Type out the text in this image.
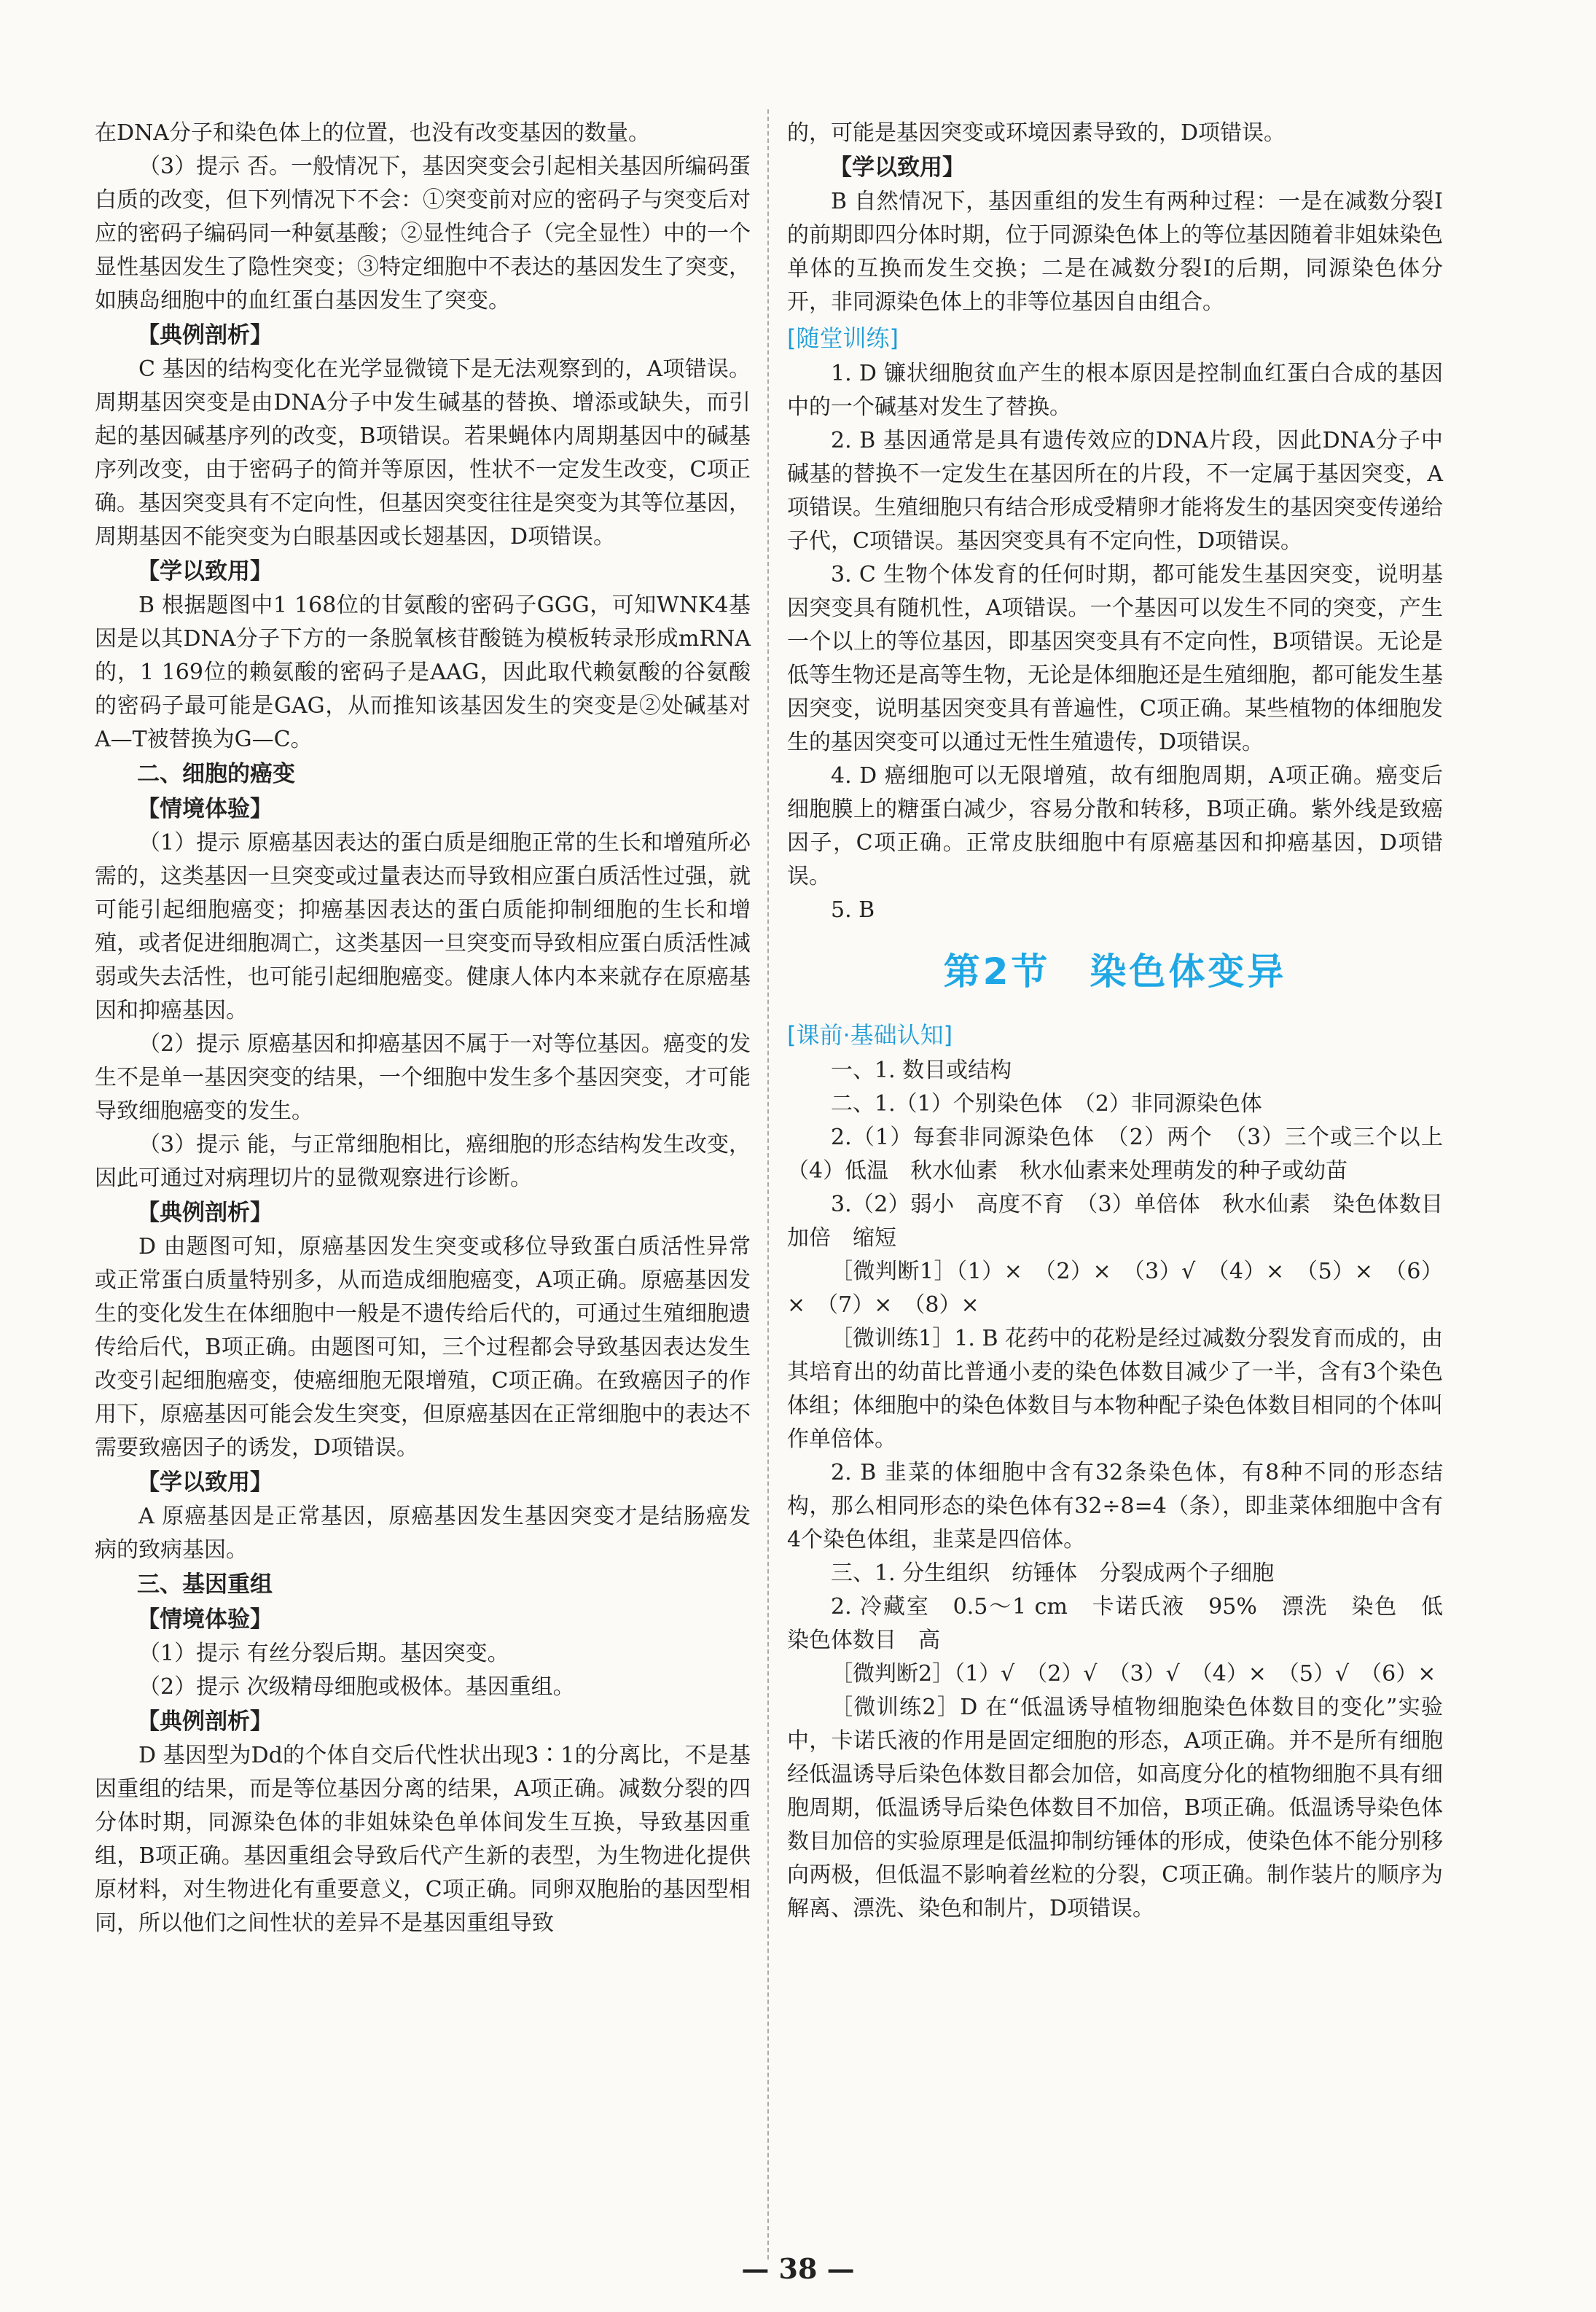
在DNA分子和染色体上的位置，也没有改变基因的数量。

（3）提示 否。一般情况下，基因突变会引起相关基因所编码蛋白质的改变，但下列情况下不会：①突变前对应的密码子与突变后对应的密码子编码同一种氨基酸；②显性纯合子（完全显性）中的一个显性基因发生了隐性突变；③特定细胞中不表达的基因发生了突变，如胰岛细胞中的血红蛋白基因发生了突变。

【典例剖析】

C 基因的结构变化在光学显微镜下是无法观察到的，A项错误。周期基因突变是由DNA分子中发生碱基的替换、增添或缺失，而引起的基因碱基序列的改变，B项错误。若果蝇体内周期基因中的碱基序列改变，由于密码子的简并等原因，性状不一定发生改变，C项正确。基因突变具有不定向性，但基因突变往往是突变为其等位基因，周期基因不能突变为白眼基因或长翅基因，D项错误。

【学以致用】

B 根据题图中1 168位的甘氨酸的密码子GGG，可知WNK4基因是以其DNA分子下方的一条脱氧核苷酸链为模板转录形成mRNA的，1 169位的赖氨酸的密码子是AAG，因此取代赖氨酸的谷氨酸的密码子最可能是GAG，从而推知该基因发生的突变是②处碱基对A—T被替换为G—C。

二、细胞的癌变

【情境体验】

（1）提示 原癌基因表达的蛋白质是细胞正常的生长和增殖所必需的，这类基因一旦突变或过量表达而导致相应蛋白质活性过强，就可能引起细胞癌变；抑癌基因表达的蛋白质能抑制细胞的生长和增殖，或者促进细胞凋亡，这类基因一旦突变而导致相应蛋白质活性减弱或失去活性，也可能引起细胞癌变。健康人体内本来就存在原癌基因和抑癌基因。

（2）提示 原癌基因和抑癌基因不属于一对等位基因。癌变的发生不是单一基因突变的结果，一个细胞中发生多个基因突变，才可能导致细胞癌变的发生。

（3）提示 能，与正常细胞相比，癌细胞的形态结构发生改变，因此可通过对病理切片的显微观察进行诊断。

【典例剖析】

D 由题图可知，原癌基因发生突变或移位导致蛋白质活性异常或正常蛋白质量特别多，从而造成细胞癌变，A项正确。原癌基因发生的变化发生在体细胞中一般是不遗传给后代的，可通过生殖细胞遗传给后代，B项正确。由题图可知，三个过程都会导致基因表达发生改变引起细胞癌变，使癌细胞无限增殖，C项正确。在致癌因子的作用下，原癌基因可能会发生突变，但原癌基因在正常细胞中的表达不需要致癌因子的诱发，D项错误。

【学以致用】

A 原癌基因是正常基因，原癌基因发生基因突变才是结肠癌发病的致病基因。

三、基因重组

【情境体验】

（1）提示 有丝分裂后期。基因突变。

（2）提示 次级精母细胞或极体。基因重组。

【典例剖析】

D 基因型为Dd的个体自交后代性状出现3∶1的分离比，不是基因重组的结果，而是等位基因分离的结果，A项正确。减数分裂的四分体时期，同源染色体的非姐妹染色单体间发生互换，导致基因重组，B项正确。基因重组会导致后代产生新的表型，为生物进化提供原材料，对生物进化有重要意义，C项正确。同卵双胞胎的基因型相同，所以他们之间性状的差异不是基因重组导致

的，可能是基因突变或环境因素导致的，D项错误。

【学以致用】

B 自然情况下，基因重组的发生有两种过程：一是在减数分裂Ⅰ的前期即四分体时期，位于同源染色体上的等位基因随着非姐妹染色单体的互换而发生交换；二是在减数分裂Ⅰ的后期，同源染色体分开，非同源染色体上的非等位基因自由组合。

[ 随堂训练 ]

1. D 镰状细胞贫血产生的根本原因是控制血红蛋白合成的基因中的一个碱基对发生了替换。

2. B 基因通常是具有遗传效应的DNA片段，因此DNA分子中碱基的替换不一定发生在基因所在的片段，不一定属于基因突变，A项错误。生殖细胞只有结合形成受精卵才能将发生的基因突变传递给子代，C项错误。基因突变具有不定向性，D项错误。

3. C 生物个体发育的任何时期，都可能发生基因突变，说明基因突变具有随机性，A项错误。一个基因可以发生不同的突变，产生一个以上的等位基因，即基因突变具有不定向性，B项错误。无论是低等生物还是高等生物，无论是体细胞还是生殖细胞，都可能发生基因突变，说明基因突变具有普遍性，C项正确。某些植物的体细胞发生的基因突变可以通过无性生殖遗传，D项错误。

4. D 癌细胞可以无限增殖，故有细胞周期，A项正确。癌变后细胞膜上的糖蛋白减少，容易分散和转移，B项正确。紫外线是致癌因子，C项正确。正常皮肤细胞中有原癌基因和抑癌基因，D项错误。

5. B

第2节　染色体变异
[ 课前·基础认知 ]

一、1. 数目或结构

二、1.（1）个别染色体　（2）非同源染色体

2.（1）每套非同源染色体　（2）两个　（3）三个或三个以上　（4）低温　秋水仙素　秋水仙素来处理萌发的种子或幼苗

3.（2）弱小　高度不育　（3）单倍体　秋水仙素　染色体数目加倍　缩短

［微判断1］（1）×　（2）×　（3）√　（4）×　（5）×　（6）×　（7）×　（8）×

［微训练1］1. B 花药中的花粉是经过减数分裂发育而成的，由其培育出的幼苗比普通小麦的染色体数目减少了一半，含有3个染色体组；体细胞中的染色体数目与本物种配子染色体数目相同的个体叫作单倍体。

2. B 韭菜的体细胞中含有32条染色体，有8种不同的形态结构，那么相同形态的染色体有32÷8=4（条），即韭菜体细胞中含有4个染色体组，韭菜是四倍体。

三、1. 分生组织　纺锤体　分裂成两个子细胞

2. 冷藏室　0.5～1 cm　卡诺氏液　95%　漂洗　染色　低　染色体数目　高

［微判断2］（1）√　（2）√　（3）√　（4）×　（5）√　（6）×

［微训练2］D 在“低温诱导植物细胞染色体数目的变化”实验中，卡诺氏液的作用是固定细胞的形态，A项正确。并不是所有细胞经低温诱导后染色体数目都会加倍，如高度分化的植物细胞不具有细胞周期，低温诱导后染色体数目不加倍，B项正确。低温诱导染色体数目加倍的实验原理是低温抑制纺锤体的形成，使染色体不能分别移向两极，但低温不影响着丝粒的分裂，C项正确。制作装片的顺序为解离、漂洗、染色和制片，D项错误。

— 38 —
